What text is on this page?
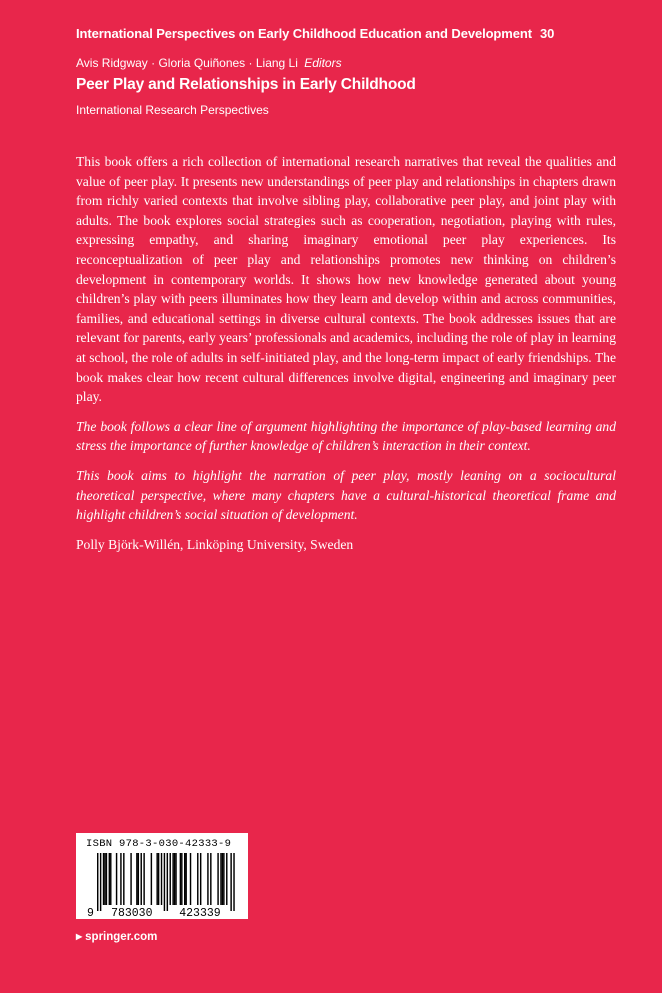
International Perspectives on Early Childhood Education and Development 30
Avis Ridgway · Gloria Quiñones · Liang Li Editors
Peer Play and Relationships in Early Childhood
International Research Perspectives

This book offers a rich collection of international research narratives that reveal the qualities and value of peer play. It presents new understandings of peer play and relationships in chapters drawn from richly varied contexts that involve sibling play, collaborative peer play, and joint play with adults. The book explores social strategies such as cooperation, negotiation, playing with rules, expressing empathy, and sharing imaginary emotional peer play experiences. Its reconceptualization of peer play and relationships promotes new thinking on children’s development in contemporary worlds. It shows how new knowledge generated about young children’s play with peers illuminates how they learn and develop within and across communities, families, and educational settings in diverse cultural contexts. The book addresses issues that are relevant for parents, early years’ professionals and academics, including the role of play in learning at school, the role of adults in self-initiated play, and the long-term impact of early friendships. The book makes clear how recent cultural differences involve digital, engineering and imaginary peer play.

The book follows a clear line of argument highlighting the importance of play-based learning and stress the importance of further knowledge of children’s interaction in their context.

This book aims to highlight the narration of peer play, mostly leaning on a sociocultural theoretical perspective, where many chapters have a cultural-historical theoretical frame and highlight children’s social situation of development.

Polly Björk-Willén, Linköping University, Sweden

9 783030 423339
ISBN 978-3-030-42333-9
▶ springer.com
